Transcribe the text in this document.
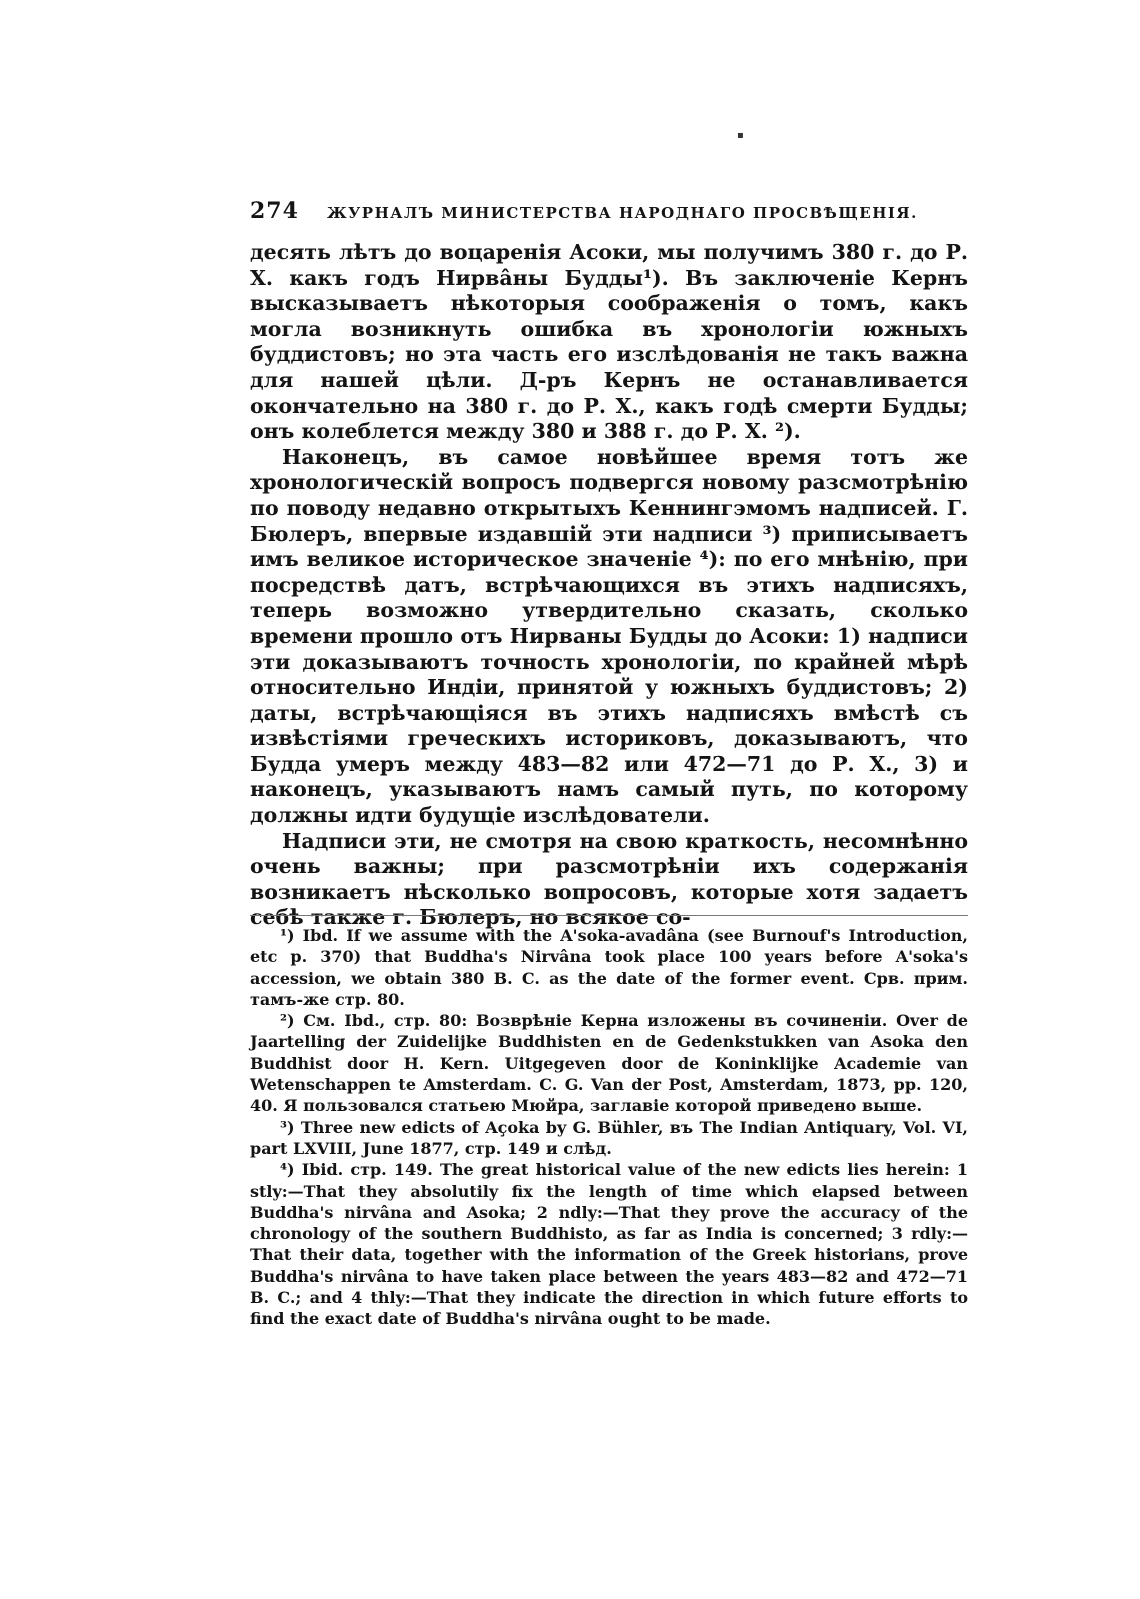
▪
274 ЖУРНАЛЪ МИНИСТЕРСТВА НАРОДНАГО ПРОСВѢЩЕНІЯ.

десять лѣтъ до воцаренія Асоки, мы получимъ 380 г. до Р. Х. какъ годъ Нирвâны Будды¹). Въ заключеніе Кернъ высказываетъ нѣкоторыя соображенія о томъ, какъ могла возникнуть ошибка въ хронологіи южныхъ буддистовъ; но эта часть его изслѣдованія не такъ важна для нашей цѣли. Д-ръ Кернъ не останавливается окончательно на 380 г. до Р. Х., какъ годѣ смерти Будды; онъ колеблется между 380 и 388 г. до Р. Х. ²).

Наконецъ, въ самое новѣйшее время тотъ же хронологическій вопросъ подвергся новому разсмотрѣнію по поводу недавно открытыхъ Кеннингэмомъ надписей. Г. Бюлеръ, впервые издавшій эти надписи ³) приписываетъ имъ великое историческое значеніе ⁴): по его мнѣнію, при посредствѣ датъ, встрѣчающихся въ этихъ надписяхъ, теперь возможно утвердительно сказать, сколько времени прошло отъ Нирваны Будды до Асоки: 1) надписи эти доказываютъ точность хронологіи, по крайней мѣрѣ относительно Индіи, принятой у южныхъ буддистовъ; 2) даты, встрѣчающіяся въ этихъ надписяхъ вмѣстѣ съ извѣстіями греческихъ историковъ, доказываютъ, что Будда умеръ между 483—82 или 472—71 до Р. Х., 3) и наконецъ, указываютъ намъ самый путь, по которому должны идти будущіе изслѣдователи.

Надписи эти, не смотря на свою краткость, несомнѣнно очень важны; при разсмотрѣніи ихъ содержанія возникаетъ нѣсколько вопросовъ, которые хотя задаетъ себѣ также г. Бюлеръ, но всякое со-

¹) Ibd. If we assume with the A'soka-avadâna (see Burnouf's Introduction, etc p. 370) that Buddha's Nirvâna took place 100 years before A'soka's accession, we obtain 380 B. C. as the date of the former event. Срв. прим. тамъ-же стр. 80.

²) См. Ibd., стр. 80: Возврѣніе Керна изложены въ сочиненіи. Over de Jaartelling der Zuidelijke Buddhisten en de Gedenkstukken van Asoka den Buddhist door H. Kern. Uitgegeven door de Koninklijke Academie van Wetenschappen te Amsterdam. C. G. Van der Post, Amsterdam, 1873, pp. 120, 40. Я пользовался статьею Мюйра, заглавіе которой приведено выше.

³) Three new edicts of Açoka by G. Bühler, въ The Indian Antiquary, Vol. VI, part LXVIII, June 1877, стр. 149 и слѣд.

⁴) Ibid. стр. 149. The great historical value of the new edicts lies herein: 1 stly:—That they absolutily fix the length of time which elapsed between Buddha's nirvâna and Asoka; 2 ndly:—That they prove the accuracy of the chronology of the southern Buddhisto, as far as India is concerned; 3 rdly:—That their data, together with the information of the Greek historians, prove Buddha's nirvâna to have taken place between the years 483—82 and 472—71 B. C.; and 4 thly:—That they indicate the direction in which future efforts to find the exact date of Buddha's nirvâna ought to be made.
